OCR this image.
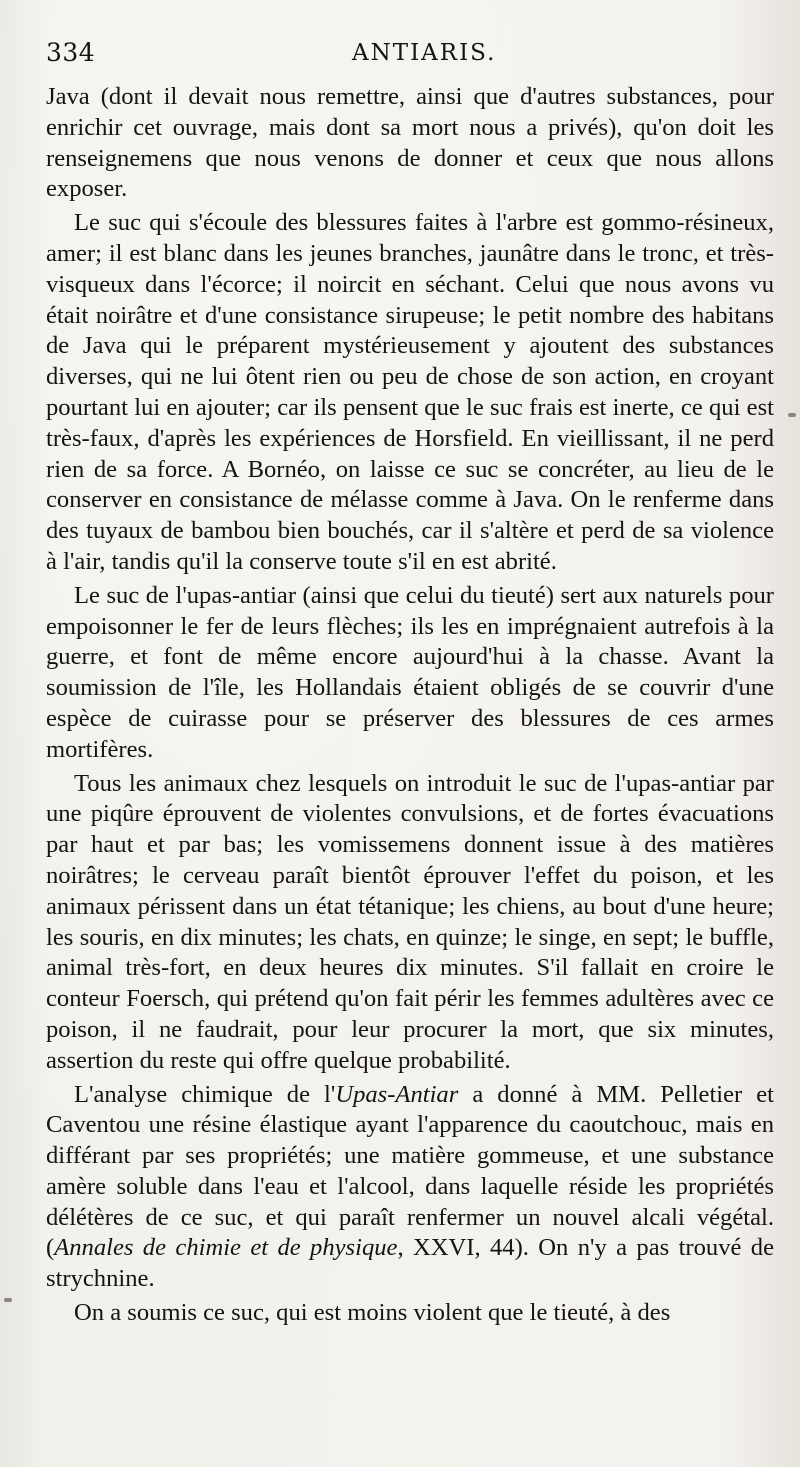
334	ANTIARIS.

Java (dont il devait nous remettre, ainsi que d'autres substances, pour enrichir cet ouvrage, mais dont sa mort nous a privés), qu'on doit les renseignemens que nous venons de donner et ceux que nous allons exposer.

Le suc qui s'écoule des blessures faites à l'arbre est gommo-résineux, amer; il est blanc dans les jeunes branches, jaunâtre dans le tronc, et très-visqueux dans l'écorce; il noircit en séchant. Celui que nous avons vu était noirâtre et d'une consistance sirupeuse; le petit nombre des habitans de Java qui le préparent mystérieusement y ajoutent des substances diverses, qui ne lui ôtent rien ou peu de chose de son action, en croyant pourtant lui en ajouter; car ils pensent que le suc frais est inerte, ce qui est très-faux, d'après les expériences de Horsfield. En vieillissant, il ne perd rien de sa force. A Bornéo, on laisse ce suc se concréter, au lieu de le conserver en consistance de mélasse comme à Java. On le renferme dans des tuyaux de bambou bien bouchés, car il s'altère et perd de sa violence à l'air, tandis qu'il la conserve toute s'il en est abrité.

Le suc de l'upas-antiar (ainsi que celui du tieuté) sert aux naturels pour empoisonner le fer de leurs flèches; ils les en imprégnaient autrefois à la guerre, et font de même encore aujourd'hui à la chasse. Avant la soumission de l'île, les Hollandais étaient obligés de se couvrir d'une espèce de cuirasse pour se préserver des blessures de ces armes mortifères.

Tous les animaux chez lesquels on introduit le suc de l'upas-antiar par une piqûre éprouvent de violentes convulsions, et de fortes évacuations par haut et par bas; les vomissemens donnent issue à des matières noirâtres; le cerveau paraît bientôt éprouver l'effet du poison, et les animaux périssent dans un état tétanique; les chiens, au bout d'une heure; les souris, en dix minutes; les chats, en quinze; le singe, en sept; le buffle, animal très-fort, en deux heures dix minutes. S'il fallait en croire le conteur Foersch, qui prétend qu'on fait périr les femmes adultères avec ce poison, il ne faudrait, pour leur procurer la mort, que six minutes, assertion du reste qui offre quelque probabilité.

L'analyse chimique de l'Upas-Antiar a donné à MM. Pelletier et Caventou une résine élastique ayant l'apparence du caoutchouc, mais en différant par ses propriétés; une matière gommeuse, et une substance amère soluble dans l'eau et l'alcool, dans laquelle réside les propriétés délétères de ce suc, et qui paraît renfermer un nouvel alcali végétal. (Annales de chimie et de physique, XXVI, 44). On n'y a pas trouvé de strychnine.

On a soumis ce suc, qui est moins violent que le tieuté, à des
